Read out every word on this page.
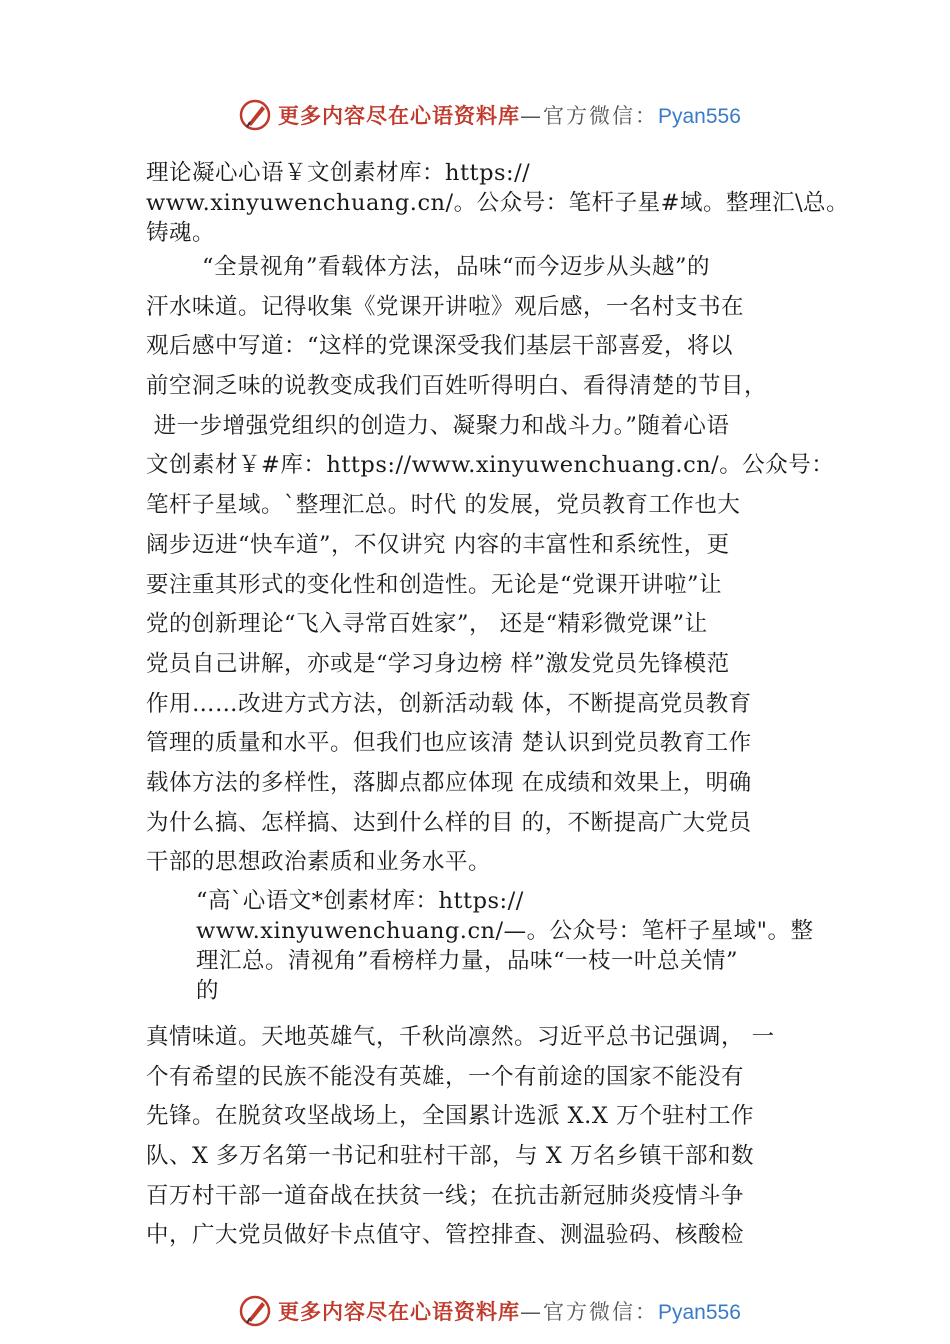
更多内容尽在心语资料库—官方微信：Pyan556
理论凝心心语￥文创素材库：https://
www.xinyuwenchuang.cn/。公众号：笔杆子星#域。整理汇\总。
铸魂。
“全景视角”看载体方法，品味“而今迈步从头越”的
汗水味道。记得收集《党课开讲啦》观后感，一名村支书在
观后感中写道：“这样的党课深受我们基层干部喜爱，将以
前空洞乏味的说教变成我们百姓听得明白、看得清楚的节目，
进一步增强党组织的创造力、凝聚力和战斗力。”随着心语
文创素材￥#库：https://www.xinyuwenchuang.cn/。公众号：
笔杆子星域。`整理汇总。时代 的发展，党员教育工作也大
阔步迈进“快车道”，不仅讲究 内容的丰富性和系统性，更
要注重其形式的变化性和创造性。无论是“党课开讲啦”让
党的创新理论“飞入寻常百姓家”， 还是“精彩微党课”让
党员自己讲解，亦或是“学习身边榜 样”激发党员先锋模范
作用……改进方式方法，创新活动载 体，不断提高党员教育
管理的质量和水平。但我们也应该清 楚认识到党员教育工作
载体方法的多样性，落脚点都应体现 在成绩和效果上，明确
为什么搞、怎样搞、达到什么样的目 的，不断提高广大党员
干部的思想政治素质和业务水平。
“高`心语文*创素材库：https://
www.xinyuwenchuang.cn/—。公众号：笔杆子星域"。整
理汇总。清视角”看榜样力量，品味“一枝一叶总关情”
的
真情味道。天地英雄气，千秋尚凛然。习近平总书记强调， 一
个有希望的民族不能没有英雄，一个有前途的国家不能没有
先锋。在脱贫攻坚战场上，全国累计选派 X.X 万个驻村工作
队、X 多万名第一书记和驻村干部，与 X 万名乡镇干部和数
百万村干部一道奋战在扶贫一线；在抗击新冠肺炎疫情斗争
中，广大党员做好卡点值守、管控排查、测温验码、核酸检
更多内容尽在心语资料库—官方微信：Pyan556
